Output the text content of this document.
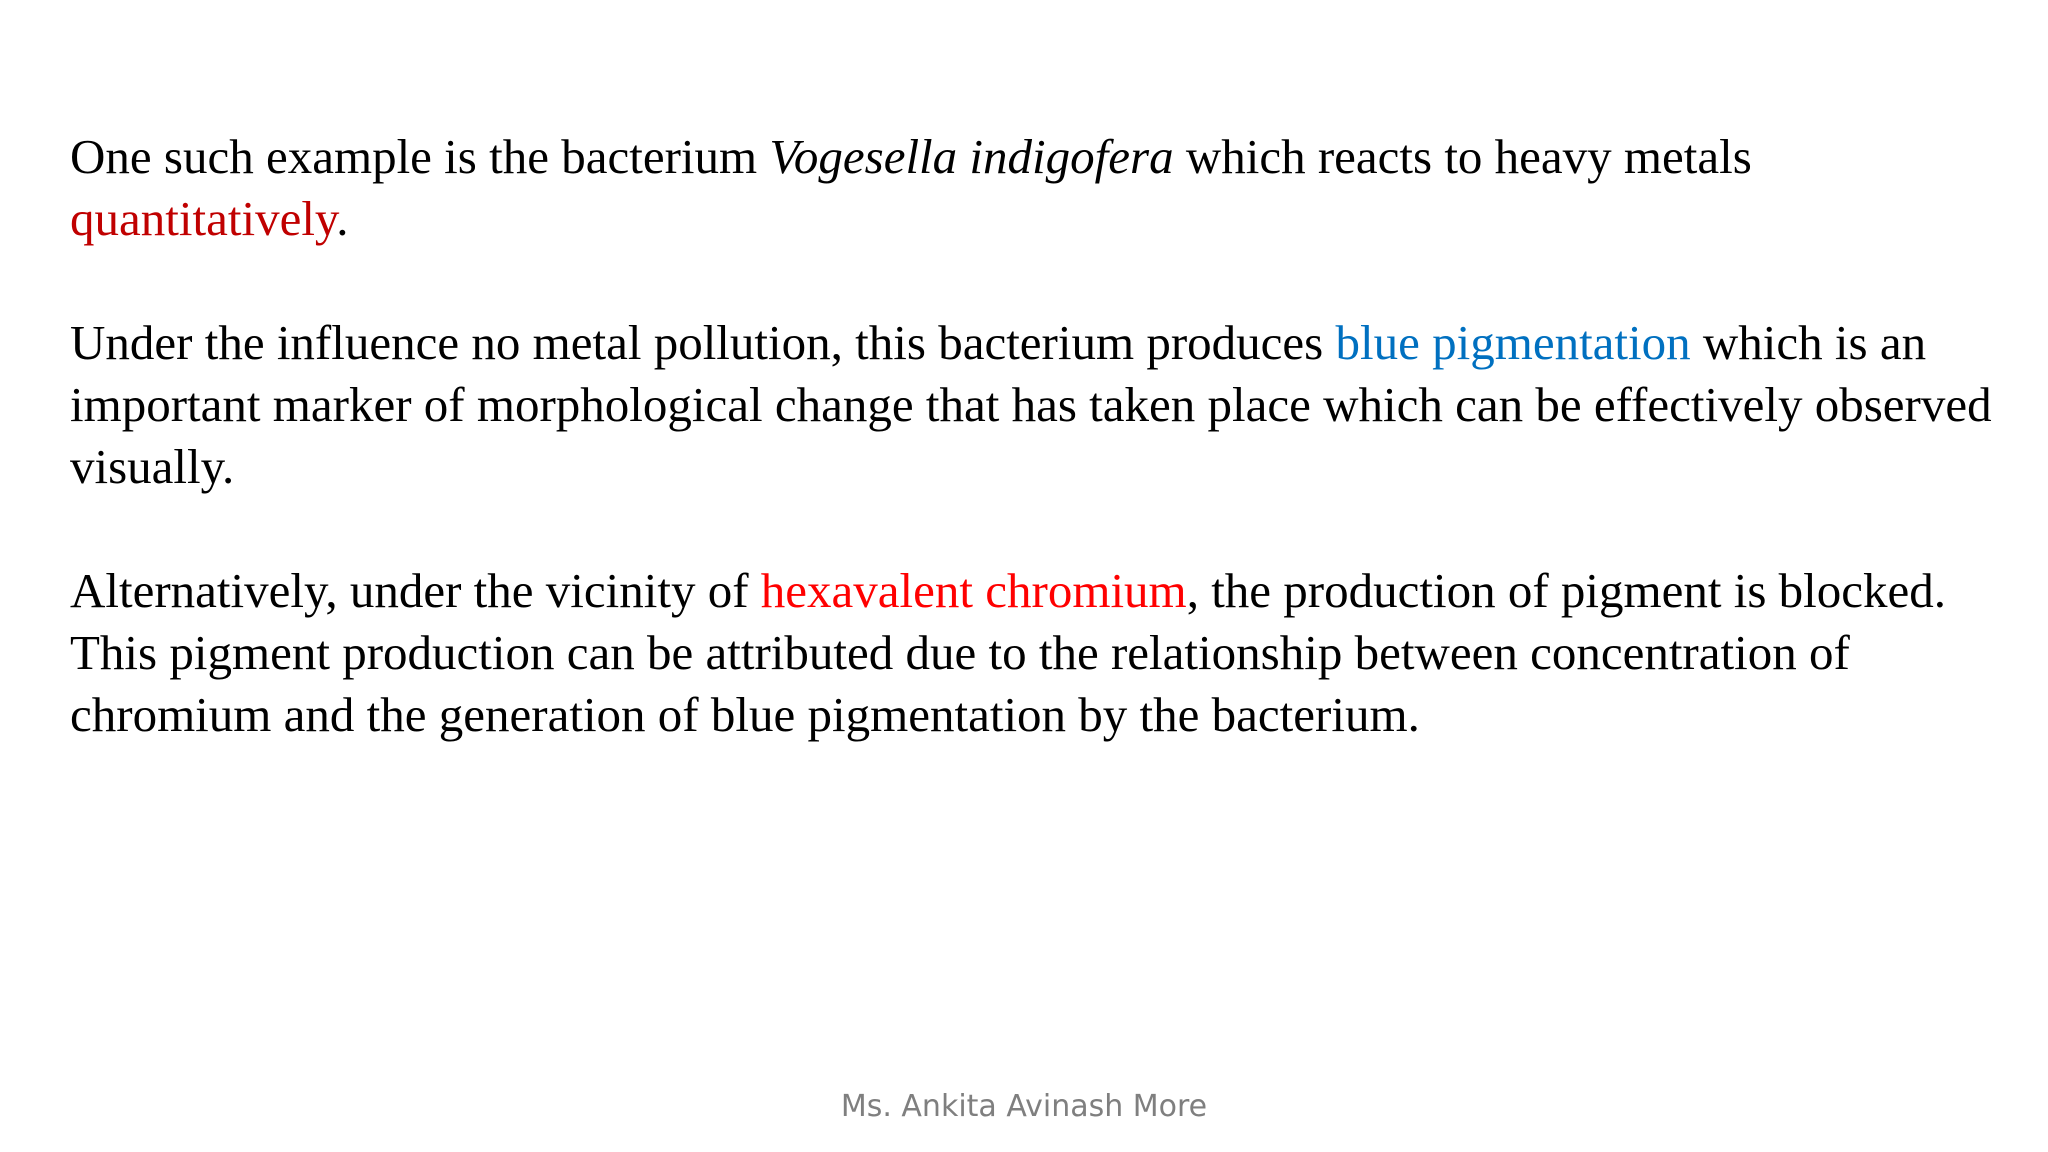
One such example is the bacterium Vogesella indigofera which reacts to heavy metals quantitatively.

Under the influence no metal pollution, this bacterium produces blue pigmentation which is an important marker of morphological change that has taken place which can be effectively observed visually.

Alternatively, under the vicinity of hexavalent chromium, the production of pigment is blocked. This pigment production can be attributed due to the relationship between concentration of chromium and the generation of blue pigmentation by the bacterium.

Ms. Ankita Avinash More
